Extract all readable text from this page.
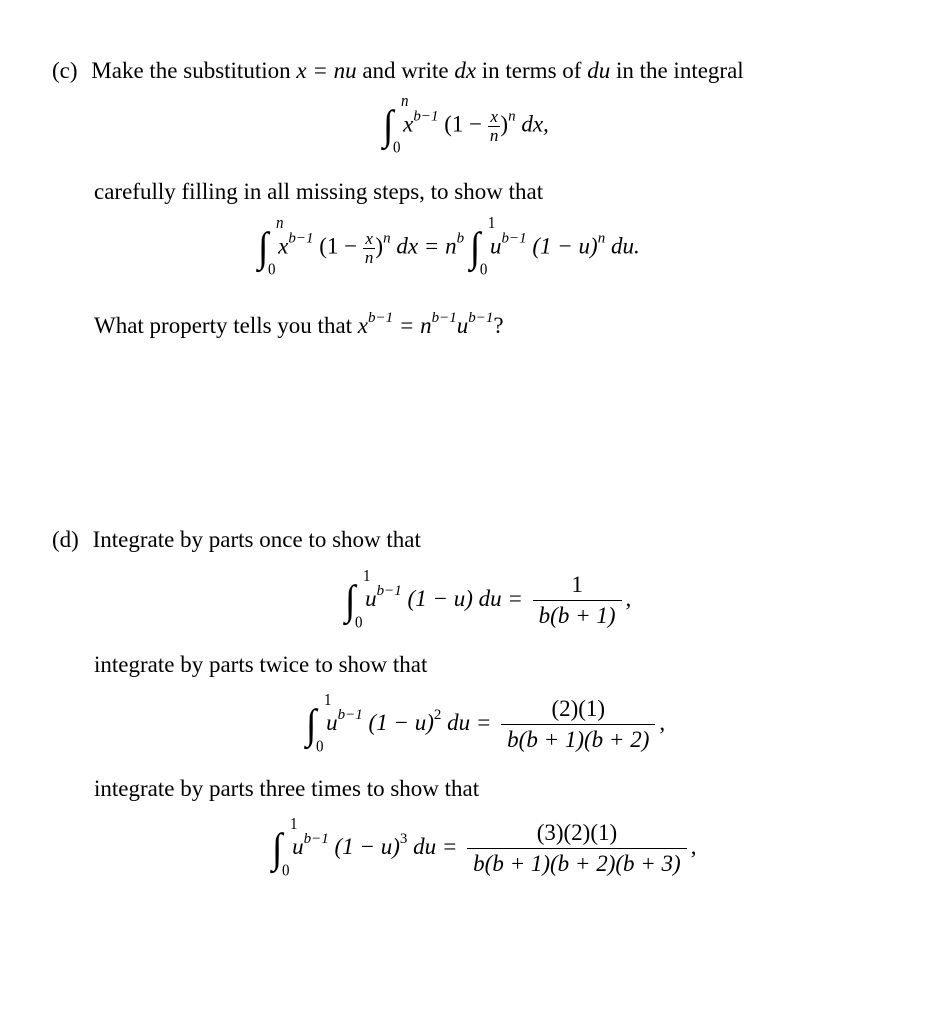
(c) Make the substitution x = nu and write dx in terms of du in the integral
∫
n
0
$x^{b-1}$ $(1 - \frac{x}{n} )^n$ dx,
carefully filling in all missing steps, to show that
∫
n
0
$x^{b-1}$ $(1 - \frac{x}{n} )^n$ dx = $n^b$ ∫
1
0
$u^{b-1}$ $(1 - u)^n$ du.
What property tells you that $x^{b-1} = n^{b-1}u^{b-1}$?
(d) Integrate by parts once to show that
∫
1
0
$u^{b-1}$ (1 − u) du = $\frac{1}{b(b + 1)}$ ,
integrate by parts twice to show that
∫
1
0
$u^{b-1}$ $(1 - u)^2$ du = $\frac{(2)(1)}{b(b + 1)(b + 2)}$ ,
integrate by parts three times to show that
∫
1
0
$u^{b-1}$ $(1 - u)^3$ du = $\frac{(3)(2)(1)}{b(b + 1)(b + 2)(b + 3)}$ ,
